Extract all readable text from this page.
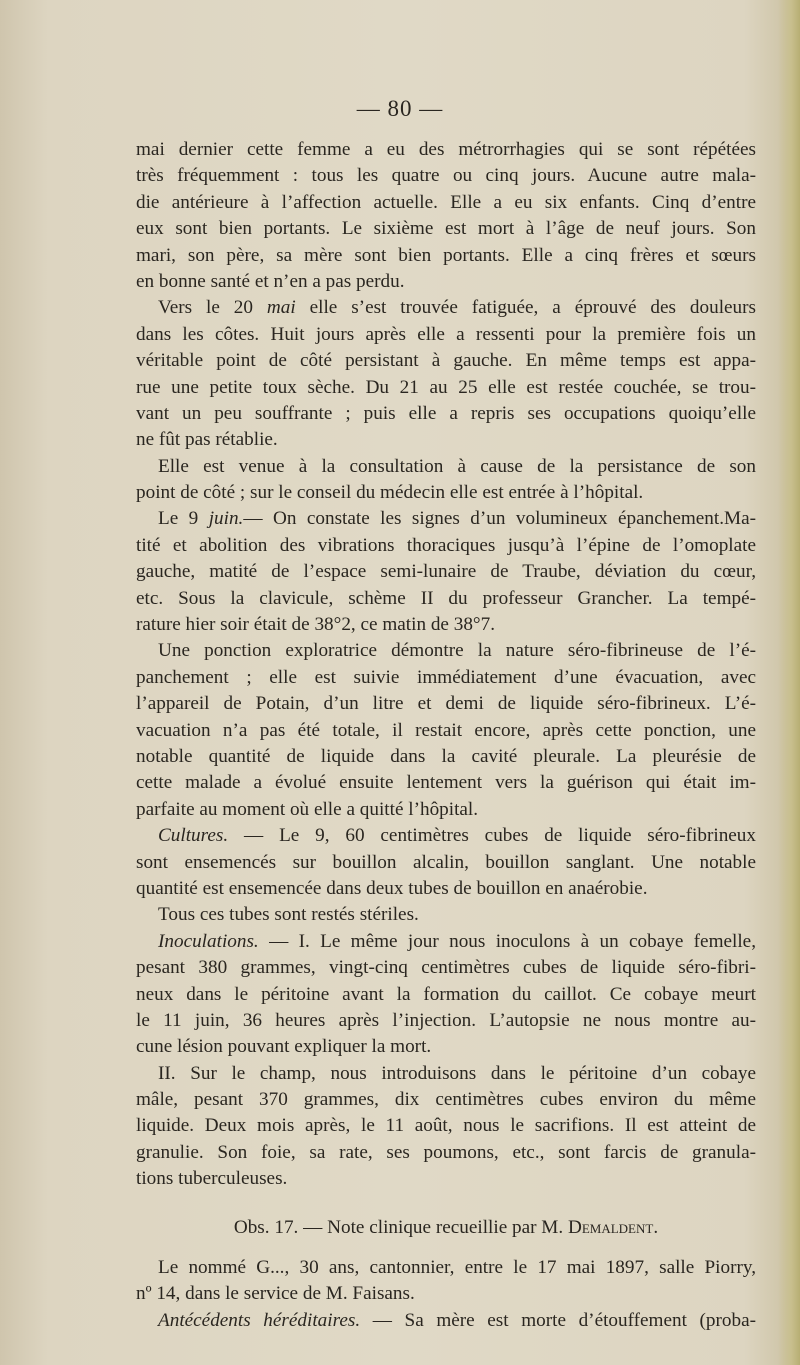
— 80 —
mai dernier cette femme a eu des métrorrhagies qui se sont répétées
très fréquemment : tous les quatre ou cinq jours. Aucune autre mala-
die antérieure à l’affection actuelle. Elle a eu six enfants. Cinq d’entre
eux sont bien portants. Le sixième est mort à l’âge de neuf jours. Son
mari, son père, sa mère sont bien portants. Elle a cinq frères et sœurs
en bonne santé et n’en a pas perdu.
Vers le 20 mai elle s’est trouvée fatiguée, a éprouvé des douleurs
dans les côtes. Huit jours après elle a ressenti pour la première fois un
véritable point de côté persistant à gauche. En même temps est appa-
rue une petite toux sèche. Du 21 au 25 elle est restée couchée, se trou-
vant un peu souffrante ; puis elle a repris ses occupations quoiqu’elle
ne fût pas rétablie.
Elle est venue à la consultation à cause de la persistance de son
point de côté ; sur le conseil du médecin elle est entrée à l’hôpital.
Le 9 juin.— On constate les signes d’un volumineux épanchement.Ma-
tité et abolition des vibrations thoraciques jusqu’à l’épine de l’omoplate
gauche, matité de l’espace semi-lunaire de Traube, déviation du cœur,
etc. Sous la clavicule, schème II du professeur Grancher. La tempé-
rature hier soir était de 38°2, ce matin de 38°7.
Une ponction exploratrice démontre la nature séro-fibrineuse de l’é-
panchement ; elle est suivie immédiatement d’une évacuation, avec
l’appareil de Potain, d’un litre et demi de liquide séro-fibrineux. L’é-
vacuation n’a pas été totale, il restait encore, après cette ponction, une
notable quantité de liquide dans la cavité pleurale. La pleurésie de
cette malade a évolué ensuite lentement vers la guérison qui était im-
parfaite au moment où elle a quitté l’hôpital.
Cultures. — Le 9, 60 centimètres cubes de liquide séro-fibrineux
sont ensemencés sur bouillon alcalin, bouillon sanglant. Une notable
quantité est ensemencée dans deux tubes de bouillon en anaérobie.
Tous ces tubes sont restés stériles.
Inoculations. — I. Le même jour nous inoculons à un cobaye femelle,
pesant 380 grammes, vingt-cinq centimètres cubes de liquide séro-fibri-
neux dans le péritoine avant la formation du caillot. Ce cobaye meurt
le 11 juin, 36 heures après l’injection. L’autopsie ne nous montre au-
cune lésion pouvant expliquer la mort.
II. Sur le champ, nous introduisons dans le péritoine d’un cobaye
mâle, pesant 370 grammes, dix centimètres cubes environ du même
liquide. Deux mois après, le 11 août, nous le sacrifions. Il est atteint de
granulie. Son foie, sa rate, ses poumons, etc., sont farcis de granula-
tions tuberculeuses.
Obs. 17. — Note clinique recueillie par M. Demaldent.
Le nommé G..., 30 ans, cantonnier, entre le 17 mai 1897, salle Piorry,
nº 14, dans le service de M. Faisans.
Antécédents héréditaires. — Sa mère est morte d’étouffement (proba-
